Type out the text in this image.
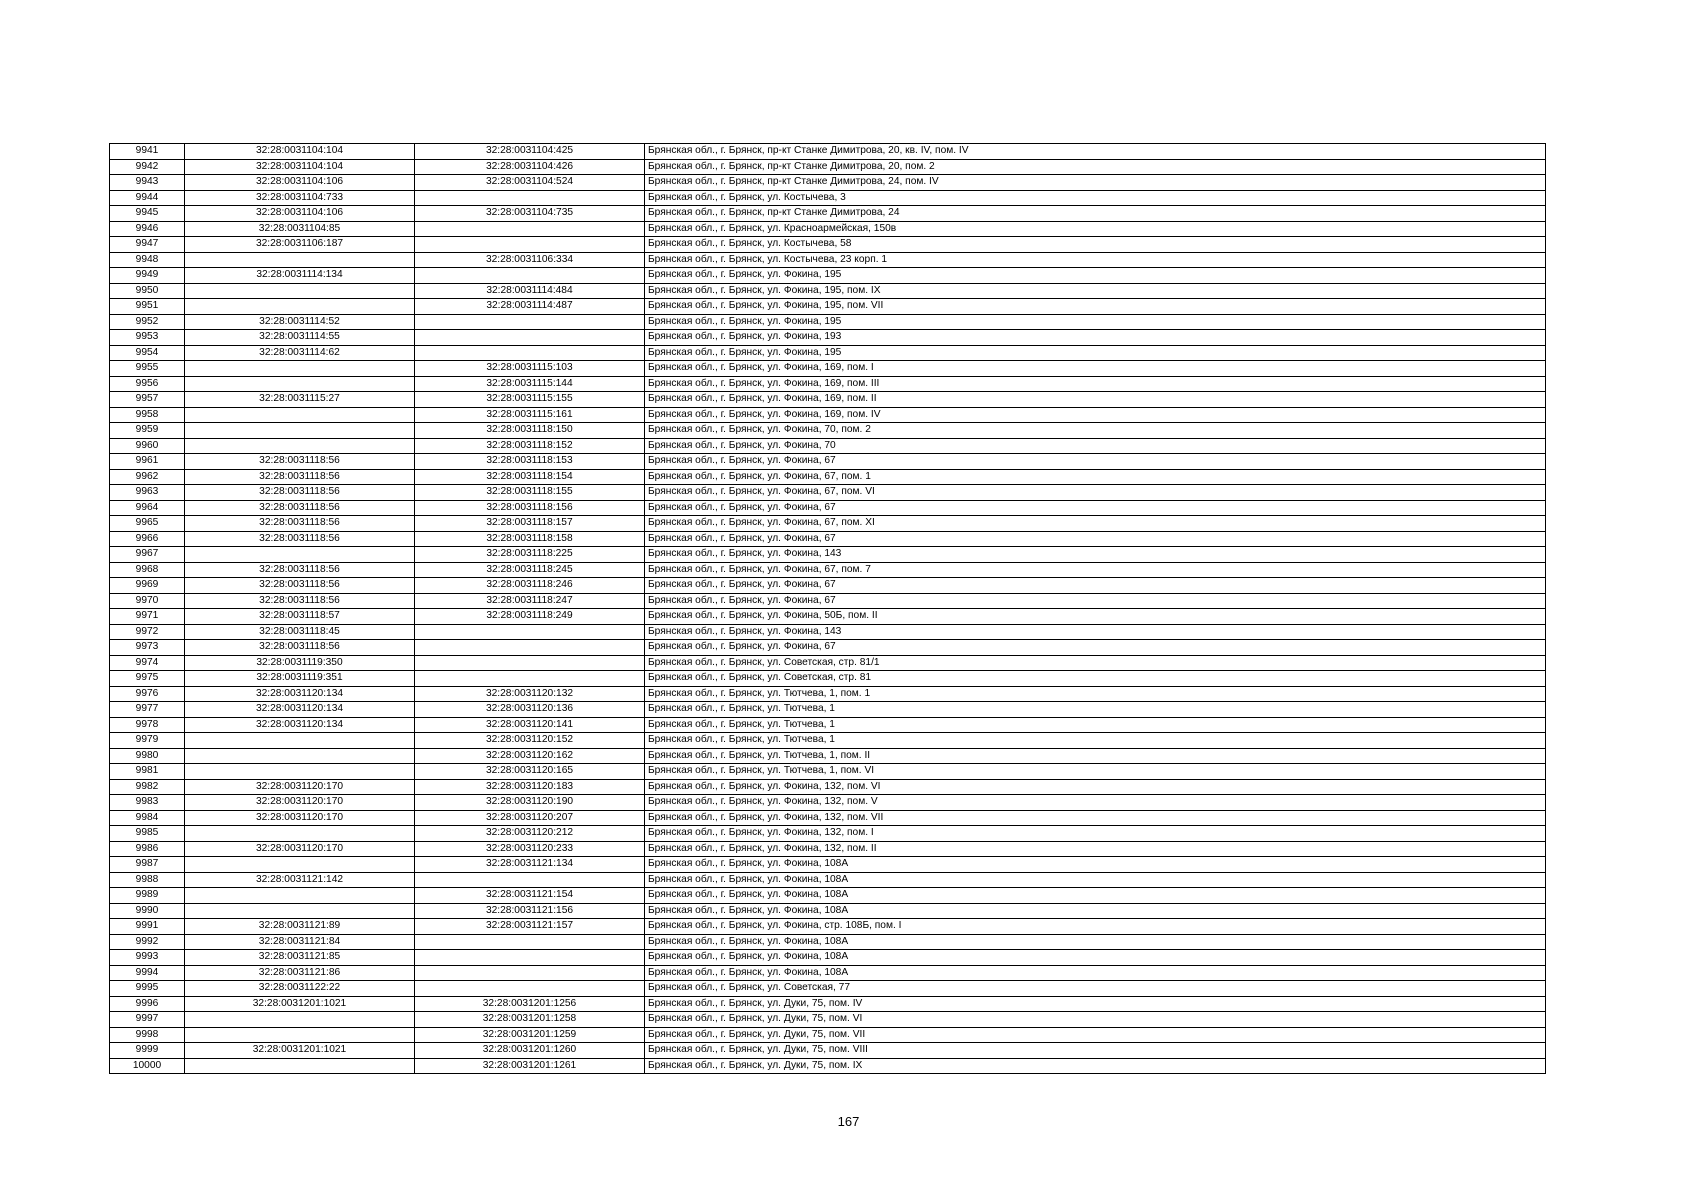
9941	32:28:0031104:104	32:28:0031104:425	Брянская обл., г. Брянск, пр-кт Станке Димитрова, 20, кв. IV, пом. IV
9942	32:28:0031104:104	32:28:0031104:426	Брянская обл., г. Брянск, пр-кт Станке Димитрова, 20, пом. 2
9943	32:28:0031104:106	32:28:0031104:524	Брянская обл., г. Брянск, пр-кт Станке Димитрова, 24, пом. IV
9944	32:28:0031104:733		Брянская обл., г. Брянск, ул. Костычева, 3
9945	32:28:0031104:106	32:28:0031104:735	Брянская обл., г. Брянск, пр-кт Станке Димитрова, 24
9946	32:28:0031104:85		Брянская обл., г. Брянск, ул. Красноармейская, 150в
9947	32:28:0031106:187		Брянская обл., г. Брянск, ул. Костычева, 58
9948		32:28:0031106:334	Брянская обл., г. Брянск, ул. Костычева, 23 корп. 1
9949	32:28:0031114:134		Брянская обл., г. Брянск, ул. Фокина, 195
9950		32:28:0031114:484	Брянская обл., г. Брянск, ул. Фокина, 195, пом. IX
9951		32:28:0031114:487	Брянская обл., г. Брянск, ул. Фокина, 195, пом. VII
9952	32:28:0031114:52		Брянская обл., г. Брянск, ул. Фокина, 195
9953	32:28:0031114:55		Брянская обл., г. Брянск, ул. Фокина, 193
9954	32:28:0031114:62		Брянская обл., г. Брянск, ул. Фокина, 195
9955		32:28:0031115:103	Брянская обл., г. Брянск, ул. Фокина, 169, пом. I
9956		32:28:0031115:144	Брянская обл., г. Брянск, ул. Фокина, 169, пом. III
9957	32:28:0031115:27	32:28:0031115:155	Брянская обл., г. Брянск, ул. Фокина, 169, пом. II
9958		32:28:0031115:161	Брянская обл., г. Брянск, ул. Фокина, 169, пом. IV
9959		32:28:0031118:150	Брянская обл., г. Брянск, ул. Фокина, 70, пом. 2
9960		32:28:0031118:152	Брянская обл., г. Брянск, ул. Фокина, 70
9961	32:28:0031118:56	32:28:0031118:153	Брянская обл., г. Брянск, ул. Фокина, 67
9962	32:28:0031118:56	32:28:0031118:154	Брянская обл., г. Брянск, ул. Фокина, 67, пом. 1
9963	32:28:0031118:56	32:28:0031118:155	Брянская обл., г. Брянск, ул. Фокина, 67, пом. VI
9964	32:28:0031118:56	32:28:0031118:156	Брянская обл., г. Брянск, ул. Фокина, 67
9965	32:28:0031118:56	32:28:0031118:157	Брянская обл., г. Брянск, ул. Фокина, 67, пом. XI
9966	32:28:0031118:56	32:28:0031118:158	Брянская обл., г. Брянск, ул. Фокина, 67
9967		32:28:0031118:225	Брянская обл., г. Брянск, ул. Фокина, 143
9968	32:28:0031118:56	32:28:0031118:245	Брянская обл., г. Брянск, ул. Фокина, 67, пом. 7
9969	32:28:0031118:56	32:28:0031118:246	Брянская обл., г. Брянск, ул. Фокина, 67
9970	32:28:0031118:56	32:28:0031118:247	Брянская обл., г. Брянск, ул. Фокина, 67
9971	32:28:0031118:57	32:28:0031118:249	Брянская обл., г. Брянск, ул. Фокина, 50Б, пом. II
9972	32:28:0031118:45		Брянская обл., г. Брянск, ул. Фокина, 143
9973	32:28:0031118:56		Брянская обл., г. Брянск, ул. Фокина, 67
9974	32:28:0031119:350		Брянская обл., г. Брянск, ул. Советская, стр. 81/1
9975	32:28:0031119:351		Брянская обл., г. Брянск, ул. Советская, стр. 81
9976	32:28:0031120:134	32:28:0031120:132	Брянская обл., г. Брянск, ул. Тютчева, 1, пом. 1
9977	32:28:0031120:134	32:28:0031120:136	Брянская обл., г. Брянск, ул. Тютчева, 1
9978	32:28:0031120:134	32:28:0031120:141	Брянская обл., г. Брянск, ул. Тютчева, 1
9979		32:28:0031120:152	Брянская обл., г. Брянск, ул. Тютчева, 1
9980		32:28:0031120:162	Брянская обл., г. Брянск, ул. Тютчева, 1, пом. II
9981		32:28:0031120:165	Брянская обл., г. Брянск, ул. Тютчева, 1, пом. VI
9982	32:28:0031120:170	32:28:0031120:183	Брянская обл., г. Брянск, ул. Фокина, 132, пом. VI
9983	32:28:0031120:170	32:28:0031120:190	Брянская обл., г. Брянск, ул. Фокина, 132, пом. V
9984	32:28:0031120:170	32:28:0031120:207	Брянская обл., г. Брянск, ул. Фокина, 132, пом. VII
9985		32:28:0031120:212	Брянская обл., г. Брянск, ул. Фокина, 132, пом. I
9986	32:28:0031120:170	32:28:0031120:233	Брянская обл., г. Брянск, ул. Фокина, 132, пом. II
9987		32:28:0031121:134	Брянская обл., г. Брянск, ул. Фокина, 108А
9988	32:28:0031121:142		Брянская обл., г. Брянск, ул. Фокина, 108А
9989		32:28:0031121:154	Брянская обл., г. Брянск, ул. Фокина, 108А
9990		32:28:0031121:156	Брянская обл., г. Брянск, ул. Фокина, 108А
9991	32:28:0031121:89	32:28:0031121:157	Брянская обл., г. Брянск, ул. Фокина, стр. 108Б, пом. I
9992	32:28:0031121:84		Брянская обл., г. Брянск, ул. Фокина, 108А
9993	32:28:0031121:85		Брянская обл., г. Брянск, ул. Фокина, 108А
9994	32:28:0031121:86		Брянская обл., г. Брянск, ул. Фокина, 108А
9995	32:28:0031122:22		Брянская обл., г. Брянск, ул. Советская, 77
9996	32:28:0031201:1021	32:28:0031201:1256	Брянская обл., г. Брянск, ул. Дуки, 75, пом. IV
9997		32:28:0031201:1258	Брянская обл., г. Брянск, ул. Дуки, 75, пом. VI
9998		32:28:0031201:1259	Брянская обл., г. Брянск, ул. Дуки, 75, пом. VII
9999	32:28:0031201:1021	32:28:0031201:1260	Брянская обл., г. Брянск, ул. Дуки, 75, пом. VIII
10000		32:28:0031201:1261	Брянская обл., г. Брянск, ул. Дуки, 75, пом. IX
167
